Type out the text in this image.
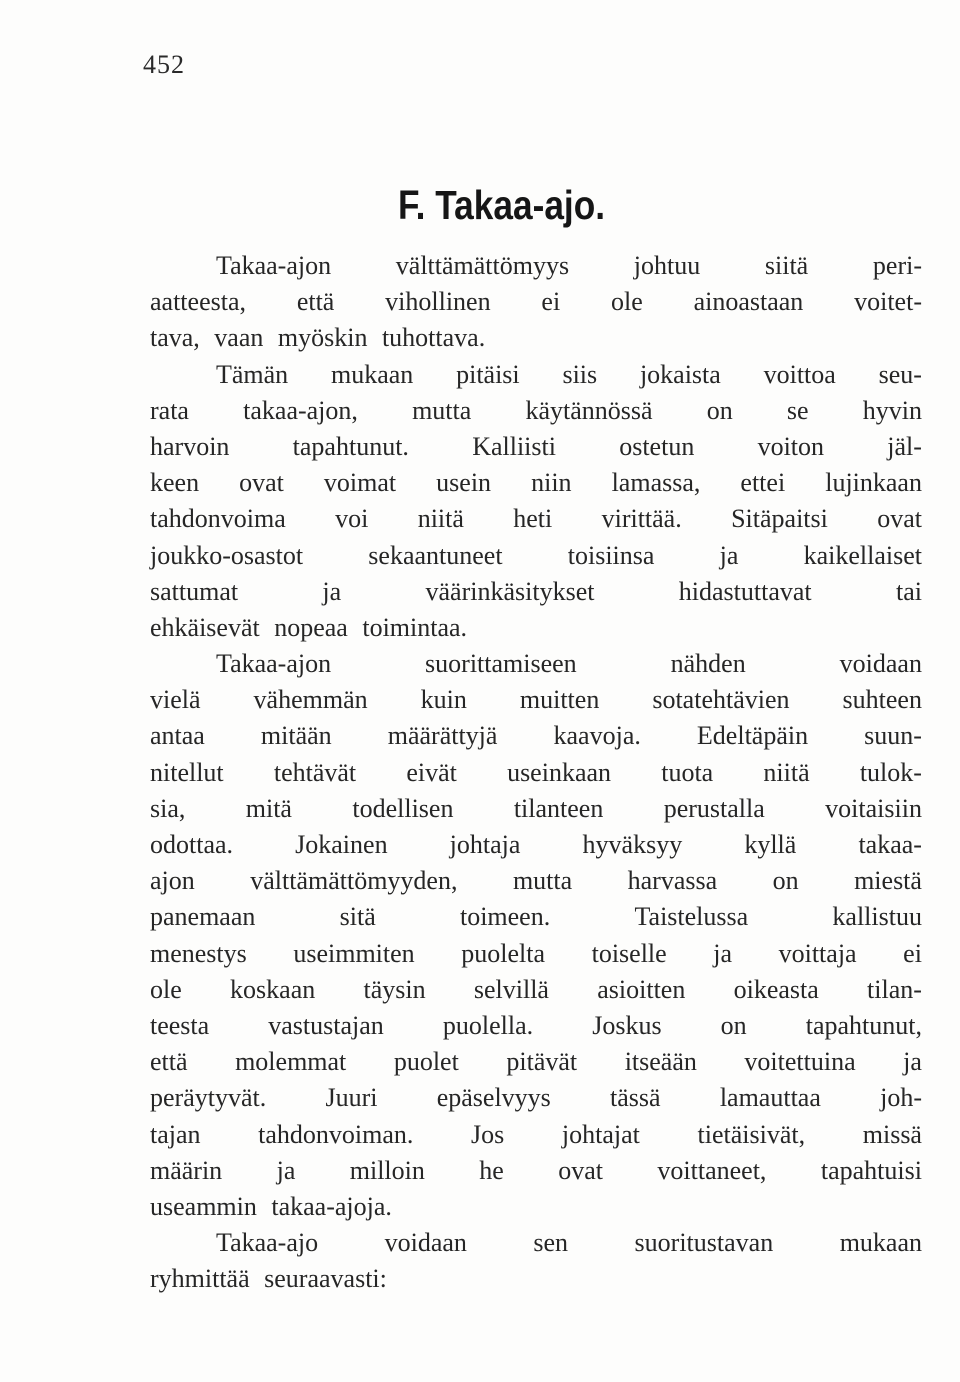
452
F. Takaa-ajo.
Takaa-ajon välttämättömyys johtuu siitä peri-
aatteesta, että vihollinen ei ole ainoastaan voitet-
tava, vaan myöskin tuhottava.
Tämän mukaan pitäisi siis jokaista voittoa seu-
rata takaa-ajon, mutta käytännössä on se hyvin
harvoin tapahtunut. Kalliisti ostetun voiton jäl-
keen ovat voimat usein niin lamassa, ettei lujinkaan
tahdonvoima voi niitä heti virittää. Sitäpaitsi ovat
joukko-osastot	sekaantuneet	toisiinsa	ja	kaikellaiset
sattumat	ja	väärinkäsitykset	hidastuttavat	tai
ehkäisevät nopeaa toimintaa.
Takaa-ajon	suorittamiseen	nähden	voidaan
vielä vähemmän kuin muitten sotatehtävien suhteen
antaa mitään määrättyjä kaavoja. Edeltäpäin suun-
nitellut tehtävät eivät useinkaan tuota niitä tulok-
sia, mitä todellisen tilanteen perustalla voitaisiin
odottaa. Jokainen johtaja hyväksyy kyllä takaa-
ajon välttämättömyyden, mutta harvassa on miestä
panemaan	sitä	toimeen.	Taistelussa	kallistuu
menestys useimmiten puolelta toiselle ja voittaja ei
ole koskaan täysin selvillä asioitten oikeasta tilan-
teesta vastustajan puolella. Joskus on tapahtunut,
että molemmat puolet pitävät itseään voitettuina ja
peräytyvät. Juuri epäselvyys tässä lamauttaa joh-
tajan tahdonvoiman. Jos johtajat tietäisivät, missä
määrin ja milloin he ovat voittaneet, tapahtuisi
useammin takaa-ajoja.
Takaa-ajo	voidaan	sen	suoritustavan	mukaan
ryhmittää seuraavasti:
